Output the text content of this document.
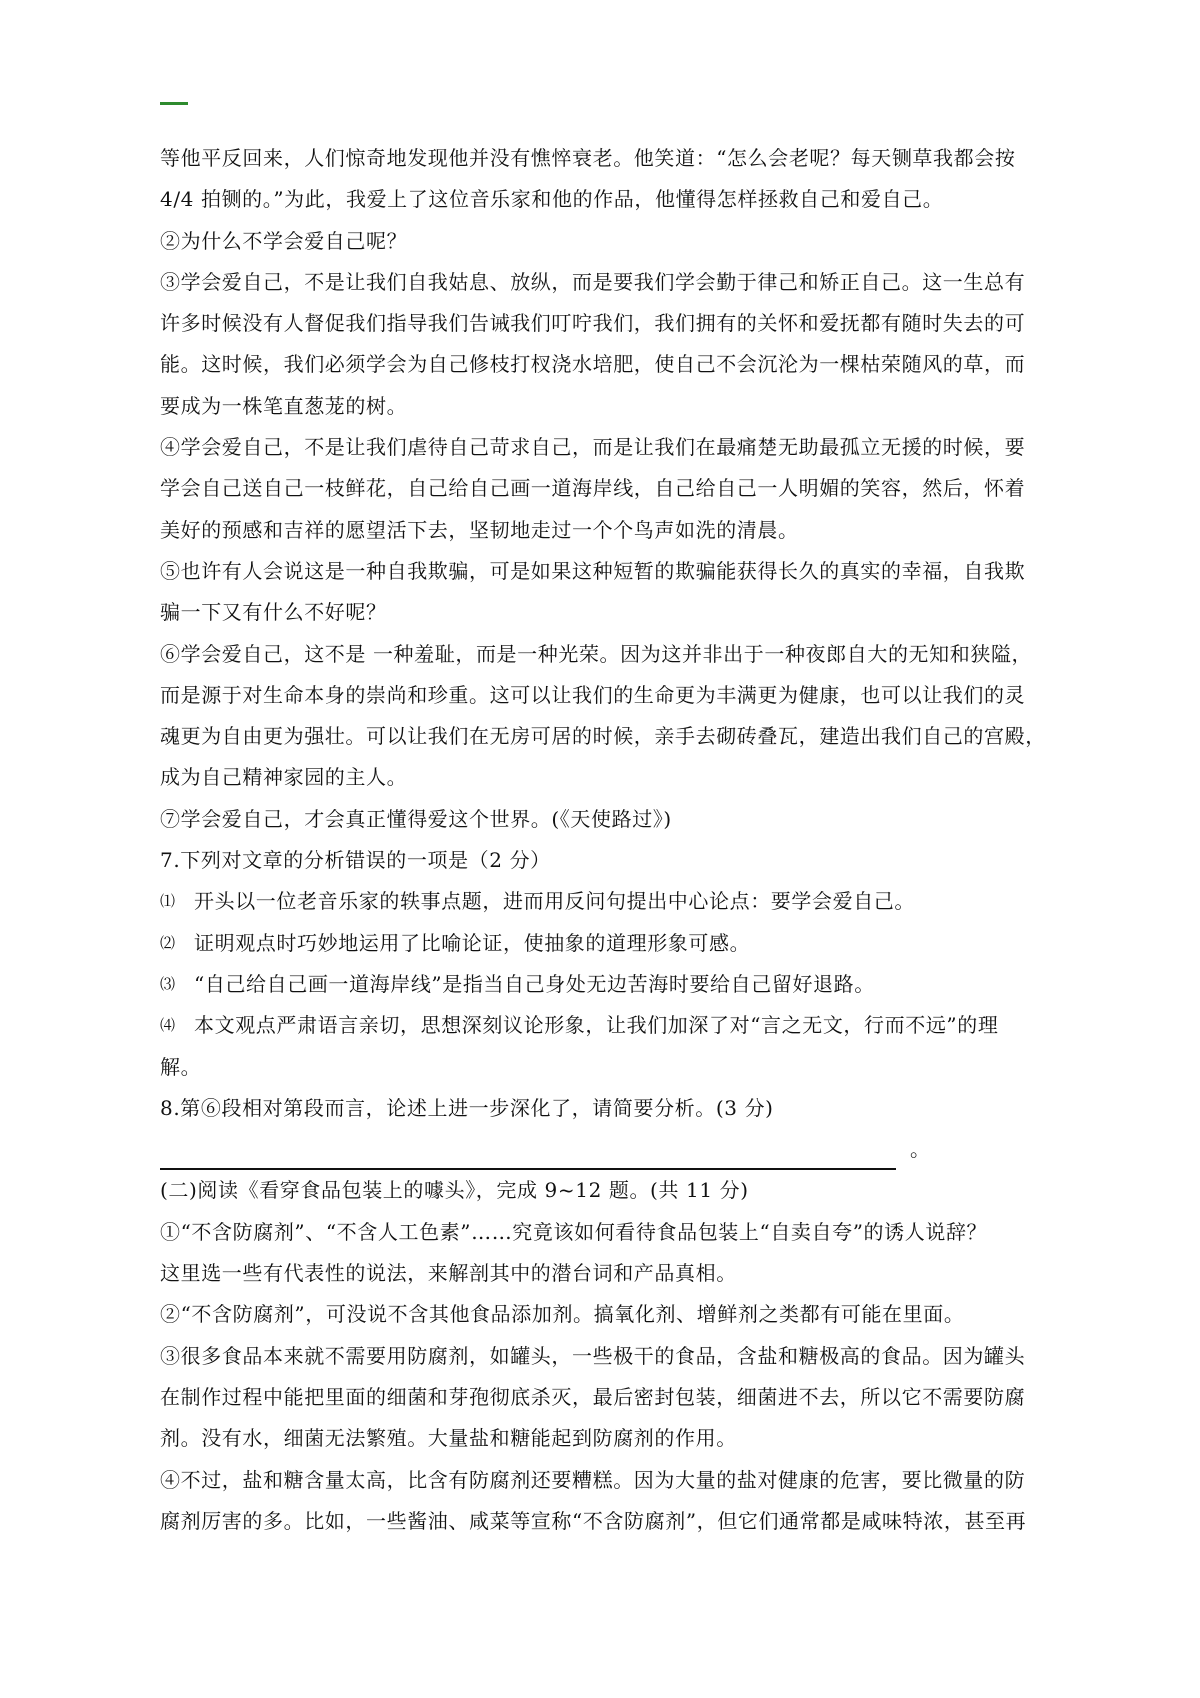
等他平反回来，人们惊奇地发现他并没有憔悴衰老。他笑道：“怎么会老呢？每天铡草我都会按

4/4 拍铡的。”为此，我爱上了这位音乐家和他的作品，他懂得怎样拯救自己和爱自己。

②为什么不学会爱自己呢？

③学会爱自己，不是让我们自我姑息、放纵，而是要我们学会勤于律己和矫正自己。这一生总有

许多时候没有人督促我们指导我们告诫我们叮咛我们，我们拥有的关怀和爱抚都有随时失去的可

能。这时候，我们必须学会为自己修枝打杈浇水培肥，使自己不会沉沦为一棵枯荣随风的草，而

要成为一株笔直葱茏的树。

④学会爱自己，不是让我们虐待自己苛求自己，而是让我们在最痛楚无助最孤立无援的时候，要

学会自己送自己一枝鲜花，自己给自己画一道海岸线，自己给自己一人明媚的笑容，然后，怀着

美好的预感和吉祥的愿望活下去，坚韧地走过一个个鸟声如洗的清晨。

⑤也许有人会说这是一种自我欺骗，可是如果这种短暂的欺骗能获得长久的真实的幸福，自我欺

骗一下又有什么不好呢？

⑥学会爱自己，这不是 一种羞耻，而是一种光荣。因为这并非出于一种夜郎自大的无知和狭隘，

而是源于对生命本身的崇尚和珍重。这可以让我们的生命更为丰满更为健康，也可以让我们的灵

魂更为自由更为强壮。可以让我们在无房可居的时候，亲手去砌砖叠瓦，建造出我们自己的宫殿，

成为自己精神家园的主人。

⑦学会爱自己，才会真正懂得爱这个世界。(《天使路过》)

7.下列对文章的分析错误的一项是（2 分）

⑴ 开头以一位老音乐家的轶事点题，进而用反问句提出中心论点：要学会爱自己。

⑵ 证明观点时巧妙地运用了比喻论证，使抽象的道理形象可感。

⑶ “自己给自己画一道海岸线”是指当自己身处无边苦海时要给自己留好退路。

⑷ 本文观点严肃语言亲切，思想深刻议论形象，让我们加深了对“言之无文，行而不远”的理

解。

8.第⑥段相对第段而言，论述上进一步深化了，请简要分析。(3 分)

。

(二)阅读《看穿食品包装上的噱头》，完成 9~12 题。(共 11 分)

①“不含防腐剂”、“不含人工色素”……究竟该如何看待食品包装上“自卖自夸”的诱人说辞？

这里选一些有代表性的说法，来解剖其中的潜台词和产品真相。

②“不含防腐剂”，可没说不含其他食品添加剂。搞氧化剂、增鲜剂之类都有可能在里面。

③很多食品本来就不需要用防腐剂，如罐头，一些极干的食品，含盐和糖极高的食品。因为罐头

在制作过程中能把里面的细菌和芽孢彻底杀灭，最后密封包装，细菌进不去，所以它不需要防腐

剂。没有水，细菌无法繁殖。大量盐和糖能起到防腐剂的作用。

④不过，盐和糖含量太高，比含有防腐剂还要糟糕。因为大量的盐对健康的危害，要比微量的防

腐剂厉害的多。比如，一些酱油、咸菜等宣称“不含防腐剂”，但它们通常都是咸味特浓，甚至再
